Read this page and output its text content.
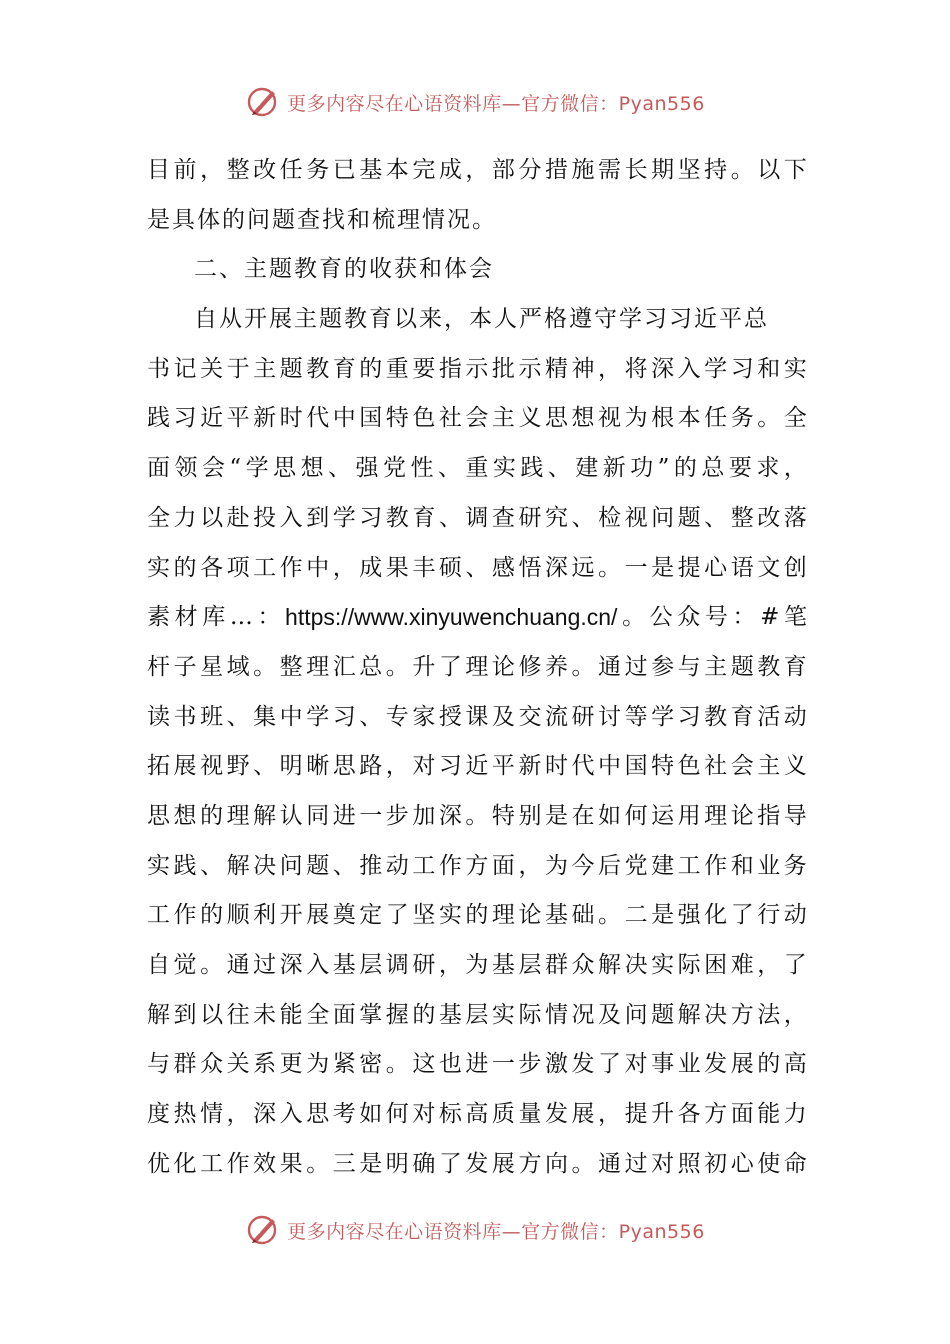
更多内容尽在心语资料库—官方微信：Pyan556
目 前 ， 整 改 任 务 已 基 本 完 成 ， 部 分 措 施 需 长 期 坚 持 。 以 下
是具体的问题查找和梳理情况。
二、主题教育的收获和体会
自从开展主题教育以来，本人严格遵守学习习近平总
书 记 关 于 主 题 教 育 的 重 要 指 示 批 示 精 神 ， 将 深 入 学 习 和 实
践 习 近 平 新 时 代 中 国 特 色 社 会 主 义 思 想 视 为 根 本 任 务 。 全
面 领 会 “ 学 思 想 、 强 党 性 、 重 实 践 、 建 新 功 ” 的 总 要 求 ，
全 力 以 赴 投 入 到 学 习 教 育 、 调 查 研 究 、 检 视 问 题 、 整 改 落
实 的 各 项 工 作 中 ， 成 果 丰 硕 、 感 悟 深 远 。 一 是 提 心 语 文 创
素 材 库 … ： https://www.xinyuwenchuang.cn/ 。 公 众 号 ： # 笔
杆 子 星 域 。 整 理 汇 总 。 升 了 理 论 修 养 。 通 过 参 与 主 题 教 育
读 书 班 、 集 中 学 习 、 专 家 授 课 及 交 流 研 讨 等 学 习 教 育 活 动
拓 展 视 野 、 明 晰 思 路 ， 对 习 近 平 新 时 代 中 国 特 色 社 会 主 义
思 想 的 理 解 认 同 进 一 步 加 深 。 特 别 是 在 如 何 运 用 理 论 指 导
实 践 、 解 决 问 题 、 推 动 工 作 方 面 ， 为 今 后 党 建 工 作 和 业 务
工 作 的 顺 利 开 展 奠 定 了 坚 实 的 理 论 基 础 。 二 是 强 化 了 行 动
自 觉 。 通 过 深 入 基 层 调 研 ， 为 基 层 群 众 解 决 实 际 困 难 ， 了
解 到 以 往 未 能 全 面 掌 握 的 基 层 实 际 情 况 及 问 题 解 决 方 法 ，
与 群 众 关 系 更 为 紧 密 。 这 也 进 一 步 激 发 了 对 事 业 发 展 的 高
度 热 情 ， 深 入 思 考 如 何 对 标 高 质 量 发 展 ， 提 升 各 方 面 能 力
优 化 工 作 效 果 。 三 是 明 确 了 发 展 方 向 。 通 过 对 照 初 心 使 命
更多内容尽在心语资料库—官方微信：Pyan556
